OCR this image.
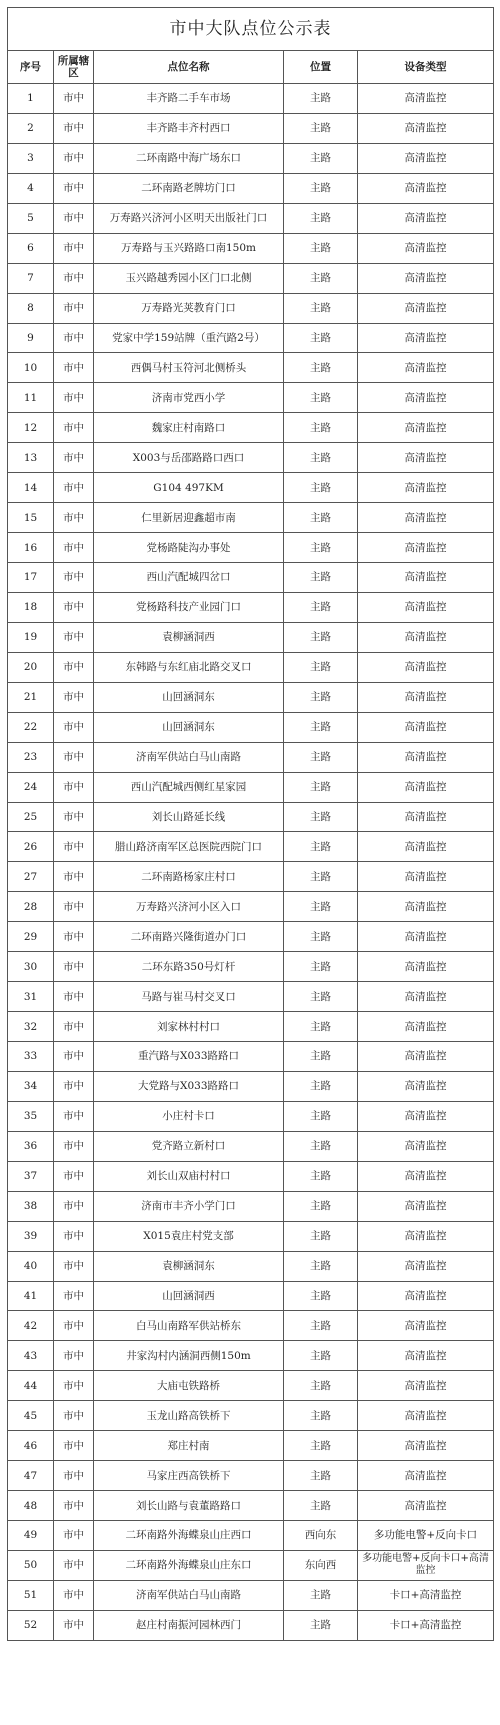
市中大队点位公示表				
序号	所属辖区	点位名称	位置	设备类型
1	市中	丰齐路二手车市场	主路	高清监控
2	市中	丰齐路丰齐村西口	主路	高清监控
3	市中	二环南路中海广场东口	主路	高清监控
4	市中	二环南路老牌坊门口	主路	高清监控
5	市中	万寿路兴济河小区明天出版社门口	主路	高清监控
6	市中	万寿路与玉兴路路口南150m	主路	高清监控
7	市中	玉兴路越秀园小区门口北侧	主路	高清监控
8	市中	万寿路光荚教育门口	主路	高清监控
9	市中	党家中学159站牌（重汽路2号）	主路	高清监控
10	市中	西偶马村玉符河北侧桥头	主路	高清监控
11	市中	济南市党西小学	主路	高清监控
12	市中	魏家庄村南路口	主路	高清监控
13	市中	X003与岳邵路路口西口	主路	高清监控
14	市中	G104 497KM	主路	高清监控
15	市中	仁里新居迎鑫超市南	主路	高清监控
16	市中	党杨路陡沟办事处	主路	高清监控
17	市中	西山汽配城四岔口	主路	高清监控
18	市中	党杨路科技产业园门口	主路	高清监控
19	市中	袁柳涵洞西	主路	高清监控
20	市中	东韩路与东红庙北路交叉口	主路	高清监控
21	市中	山回涵洞东	主路	高清监控
22	市中	山回涵洞东	主路	高清监控
23	市中	济南军供站白马山南路	主路	高清监控
24	市中	西山汽配城西侧红星家园	主路	高清监控
25	市中	刘长山路延长线	主路	高清监控
26	市中	腊山路济南军区总医院西院门口	主路	高清监控
27	市中	二环南路杨家庄村口	主路	高清监控
28	市中	万寿路兴济河小区入口	主路	高清监控
29	市中	二环南路兴隆街道办门口	主路	高清监控
30	市中	二环东路350号灯杆	主路	高清监控
31	市中	马路与崔马村交叉口	主路	高清监控
32	市中	刘家林村村口	主路	高清监控
33	市中	重汽路与X033路路口	主路	高清监控
34	市中	大党路与X033路路口	主路	高清监控
35	市中	小庄村卡口	主路	高清监控
36	市中	党齐路立新村口	主路	高清监控
37	市中	刘长山双庙村村口	主路	高清监控
38	市中	济南市丰齐小学门口	主路	高清监控
39	市中	X015袁庄村党支部	主路	高清监控
40	市中	袁柳涵洞东	主路	高清监控
41	市中	山回涵洞西	主路	高清监控
42	市中	白马山南路军供站桥东	主路	高清监控
43	市中	井家沟村内涵洞西侧150m	主路	高清监控
44	市中	大庙屯铁路桥	主路	高清监控
45	市中	玉龙山路高铁桥下	主路	高清监控
46	市中	郑庄村南	主路	高清监控
47	市中	马家庄西高铁桥下	主路	高清监控
48	市中	刘长山路与袁董路路口	主路	高清监控
49	市中	二环南路外海蝶泉山庄西口	西向东	多功能电警+反向卡口
50	市中	二环南路外海蝶泉山庄东口	东向西	多功能电警+反向卡口+高清监控
51	市中	济南军供站白马山南路	主路	卡口+高清监控
52	市中	赵庄村南振河园林西门	主路	卡口+高清监控
